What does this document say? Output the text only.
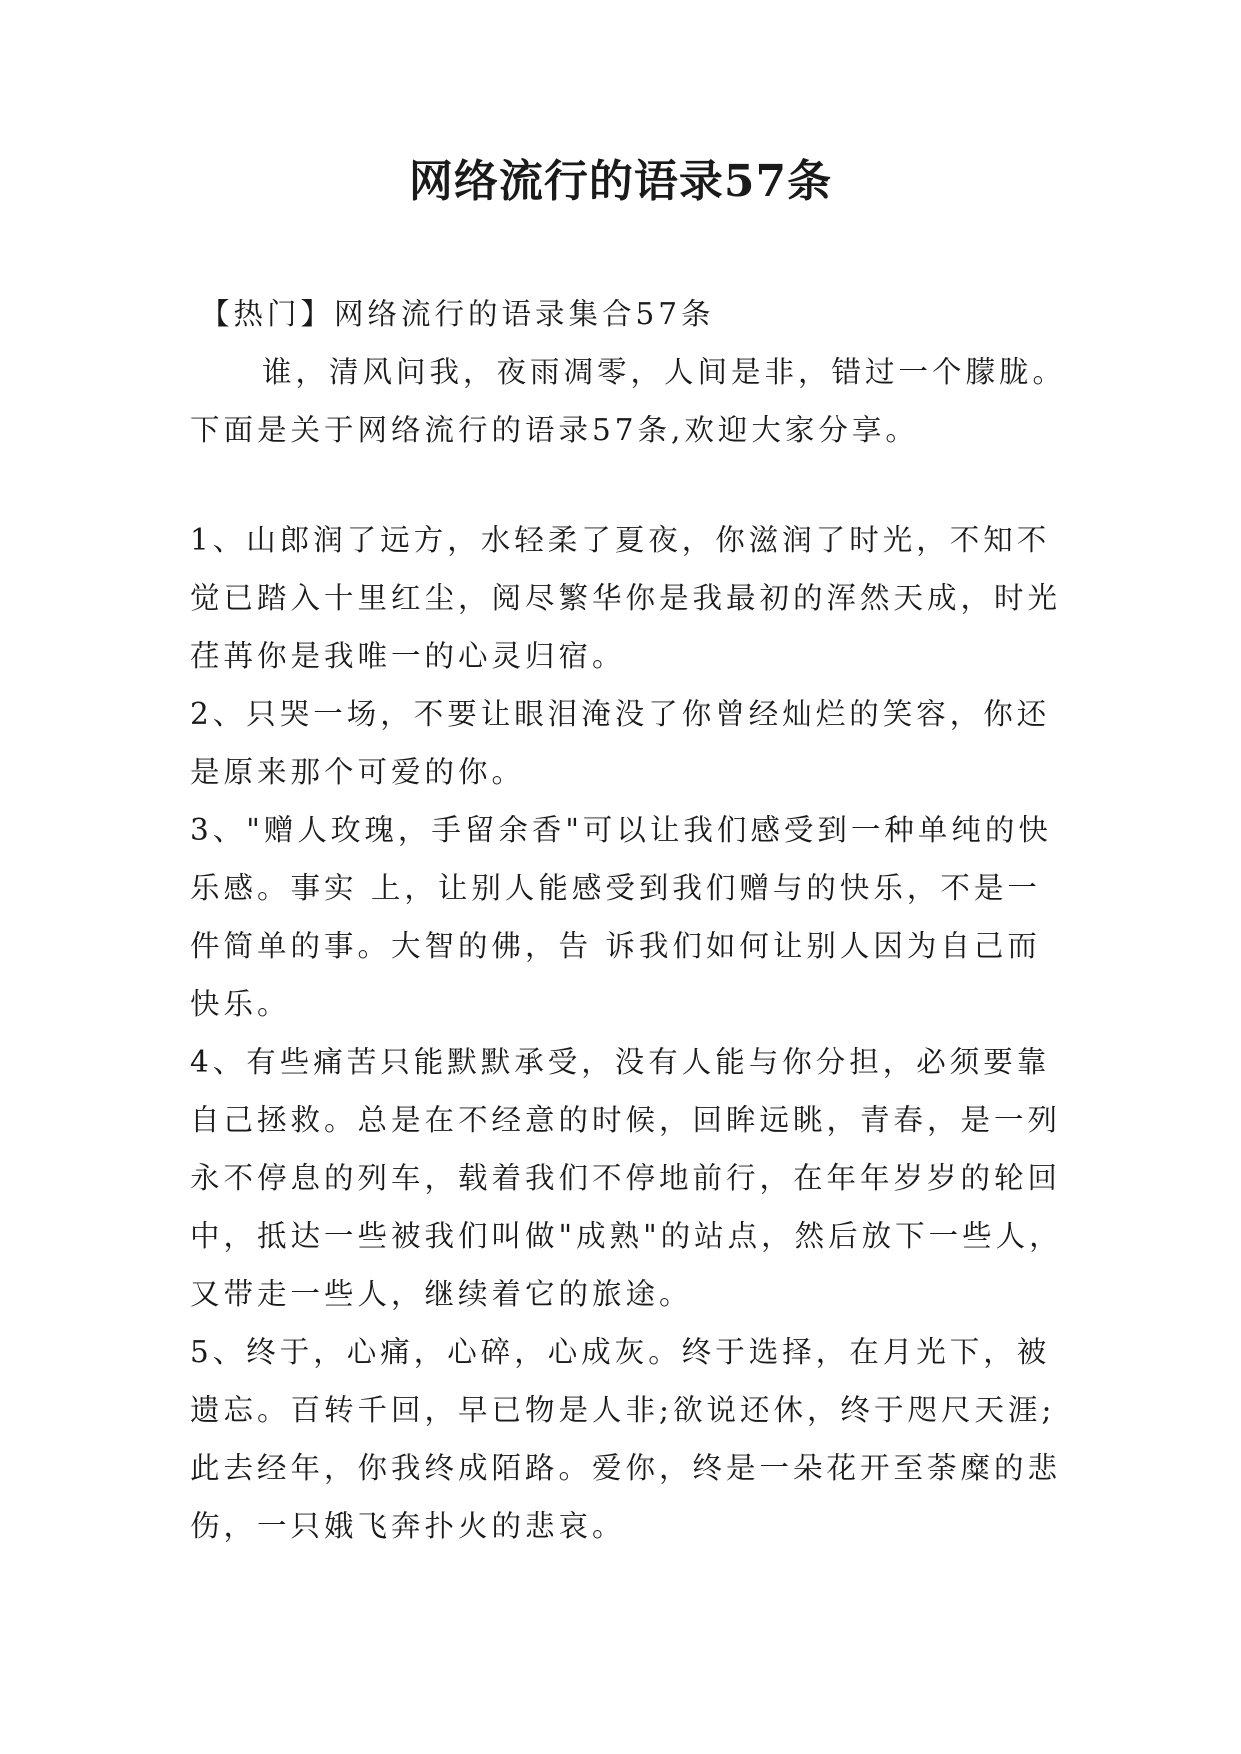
网络流行的语录57条
【热门】网络流行的语录集合57条
谁，清风问我，夜雨凋零，人间是非，错过一个朦胧。
下面是关于网络流行的语录57条,欢迎大家分享。
1、山郎润了远方，水轻柔了夏夜，你滋润了时光，不知不
觉已踏入十里红尘，阅尽繁华你是我最初的浑然天成，时光
荏苒你是我唯一的心灵归宿。
2、只哭一场，不要让眼泪淹没了你曾经灿烂的笑容，你还
是原来那个可爱的你。
3、"赠人玫瑰，手留余香"可以让我们感受到一种单纯的快
乐感。事实 上，让别人能感受到我们赠与的快乐，不是一
件简单的事。大智的佛，告 诉我们如何让别人因为自己而
快乐。
4、有些痛苦只能默默承受，没有人能与你分担，必须要靠
自己拯救。总是在不经意的时候，回眸远眺，青春，是一列
永不停息的列车，载着我们不停地前行，在年年岁岁的轮回
中，抵达一些被我们叫做"成熟"的站点，然后放下一些人，
又带走一些人，继续着它的旅途。
5、终于，心痛，心碎，心成灰。终于选择，在月光下，被
遗忘。百转千回，早已物是人非;欲说还休，终于咫尺天涯;
此去经年，你我终成陌路。爱你，终是一朵花开至荼糜的悲
伤，一只娥飞奔扑火的悲哀。
